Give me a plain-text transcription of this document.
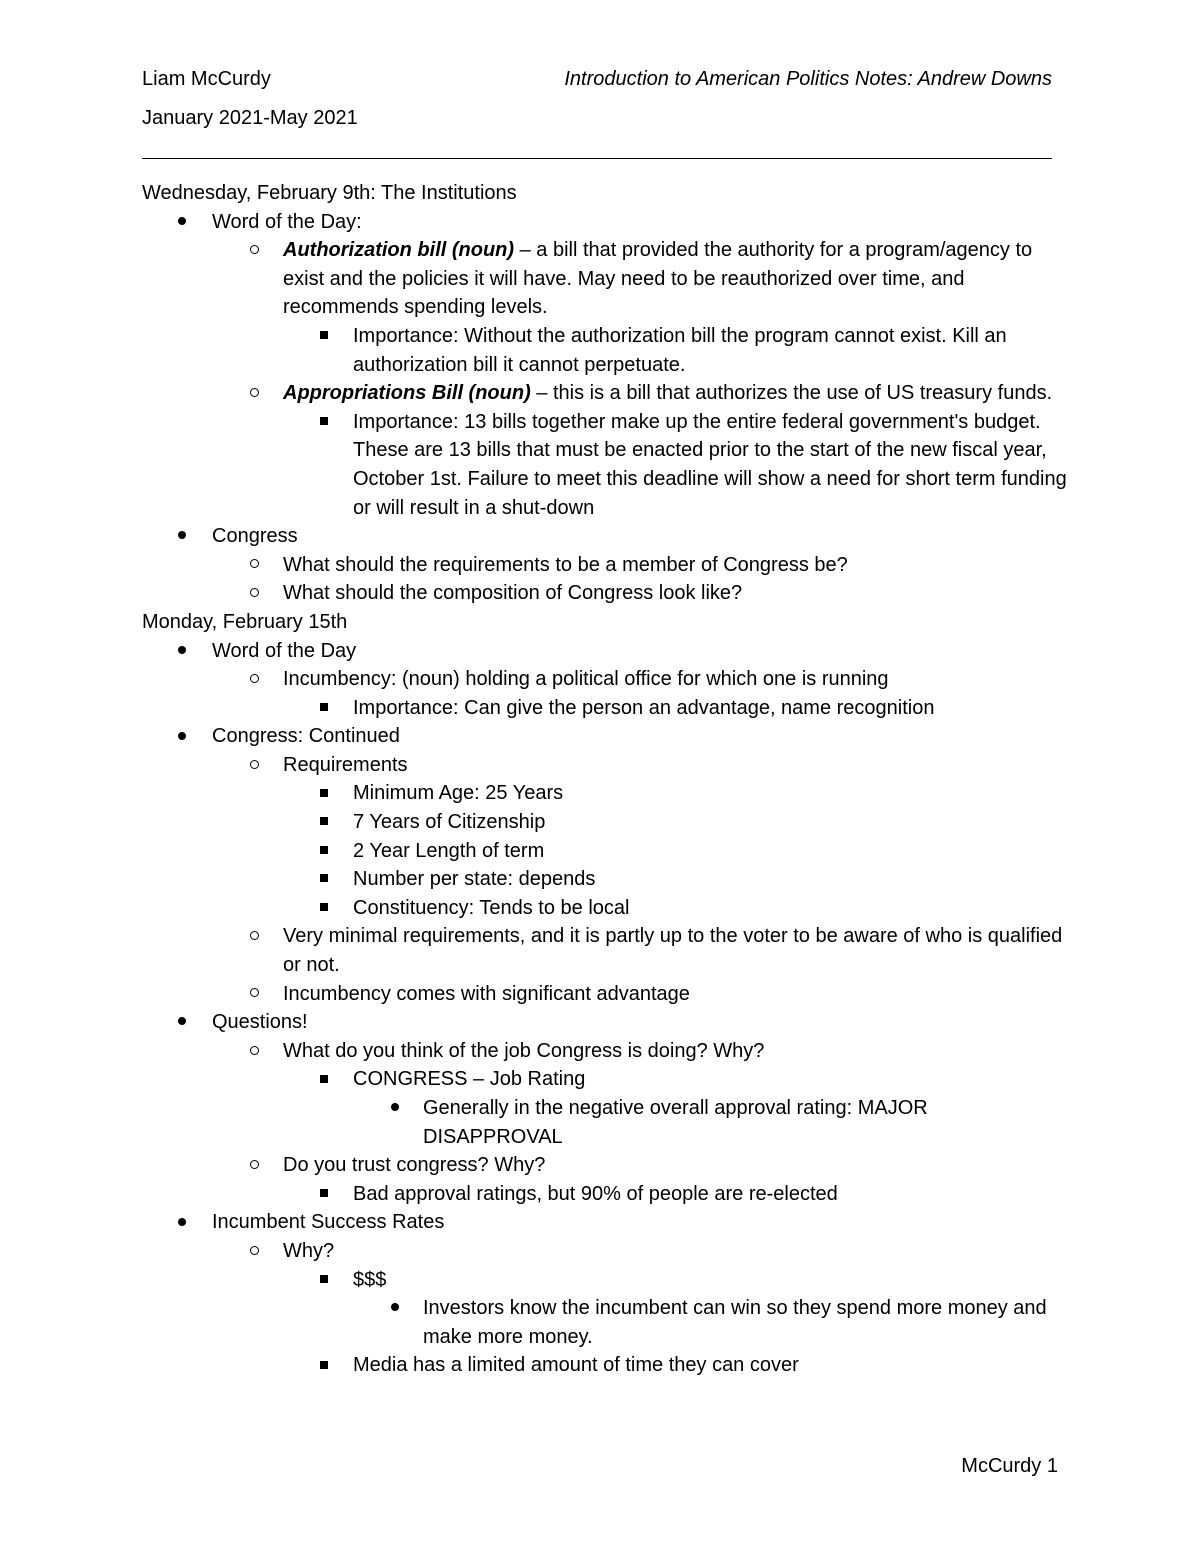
Liam McCurdy	Introduction to American Politics Notes: Andrew Downs
January 2021-May 2021
Wednesday, February 9th: The Institutions
Word of the Day:
Authorization bill (noun) – a bill that provided the authority for a program/agency to exist and the policies it will have. May need to be reauthorized over time, and recommends spending levels.
Importance: Without the authorization bill the program cannot exist. Kill an authorization bill it cannot perpetuate.
Appropriations Bill (noun) – this is a bill that authorizes the use of US treasury funds.
Importance: 13 bills together make up the entire federal government's budget. These are 13 bills that must be enacted prior to the start of the new fiscal year, October 1st. Failure to meet this deadline will show a need for short term funding or will result in a shut-down
Congress
What should the requirements to be a member of Congress be?
What should the composition of Congress look like?
Monday, February 15th
Word of the Day
Incumbency: (noun) holding a political office for which one is running
Importance: Can give the person an advantage, name recognition
Congress: Continued
Requirements
Minimum Age: 25 Years
7 Years of Citizenship
2 Year Length of term
Number per state: depends
Constituency: Tends to be local
Very minimal requirements, and it is partly up to the voter to be aware of who is qualified or not.
Incumbency comes with significant advantage
Questions!
What do you think of the job Congress is doing? Why?
CONGRESS – Job Rating
Generally in the negative overall approval rating: MAJOR DISAPPROVAL
Do you trust congress? Why?
Bad approval ratings, but 90% of people are re-elected
Incumbent Success Rates
Why?
$$$
Investors know the incumbent can win so they spend more money and make more money.
Media has a limited amount of time they can cover
McCurdy 1
